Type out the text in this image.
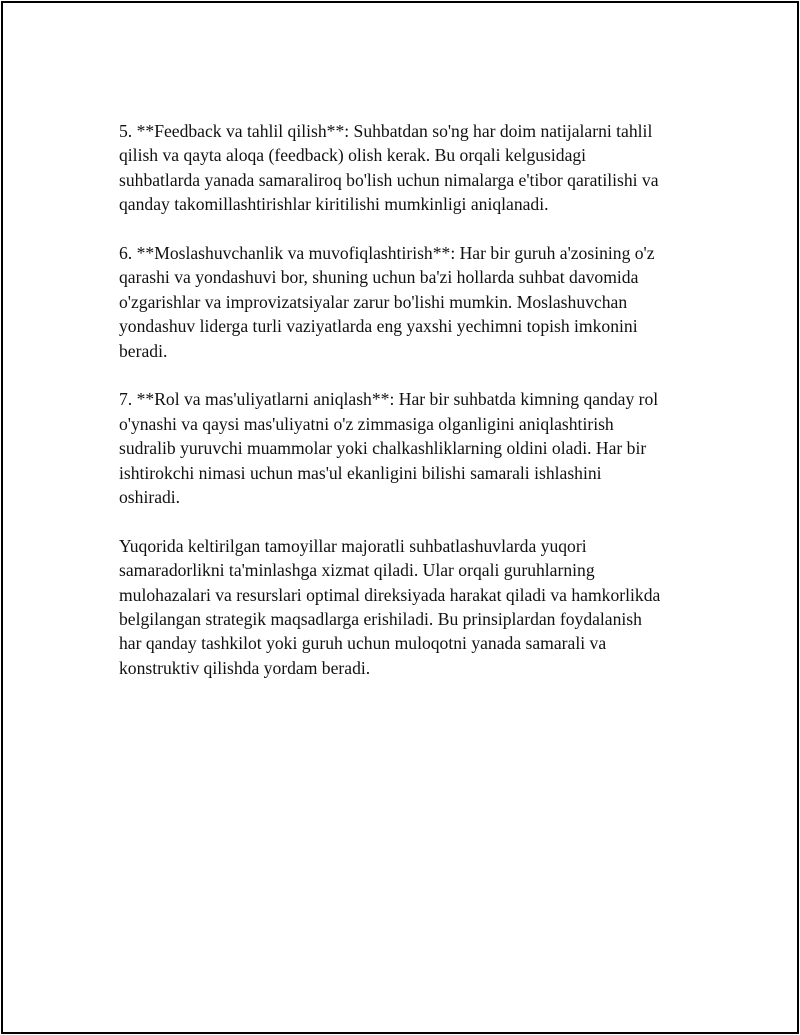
5. **Feedback va tahlil qilish**: Suhbatdan so'ng har doim natijalarni tahlil
qilish va qayta aloqa (feedback) olish kerak. Bu orqali kelgusidagi
suhbatlarda yanada samaraliroq bo'lish uchun nimalarga e'tibor qaratilishi va
qanday takomillashtirishlar kiritilishi mumkinligi aniqlanadi.

6. **Moslashuvchanlik va muvofiqlashtirish**: Har bir guruh a'zosining o'z
qarashi va yondashuvi bor, shuning uchun ba'zi hollarda suhbat davomida
o'zgarishlar va improvizatsiyalar zarur bo'lishi mumkin. Moslashuvchan
yondashuv liderga turli vaziyatlarda eng yaxshi yechimni topish imkonini
beradi.

7. **Rol va mas'uliyatlarni aniqlash**: Har bir suhbatda kimning qanday rol
o'ynashi va qaysi mas'uliyatni o'z zimmasiga olganligini aniqlashtirish
sudralib yuruvchi muammolar yoki chalkashliklarning oldini oladi. Har bir
ishtirokchi nimasi uchun mas'ul ekanligini bilishi samarali ishlashini
oshiradi.

Yuqorida keltirilgan tamoyillar majoratli suhbatlashuvlarda yuqori
samaradorlikni ta'minlashga xizmat qiladi. Ular orqali guruhlarning
mulohazalari va resurslari optimal direksiyada harakat qiladi va hamkorlikda
belgilangan strategik maqsadlarga erishiladi. Bu prinsiplardan foydalanish
har qanday tashkilot yoki guruh uchun muloqotni yanada samarali va
konstruktiv qilishda yordam beradi.
